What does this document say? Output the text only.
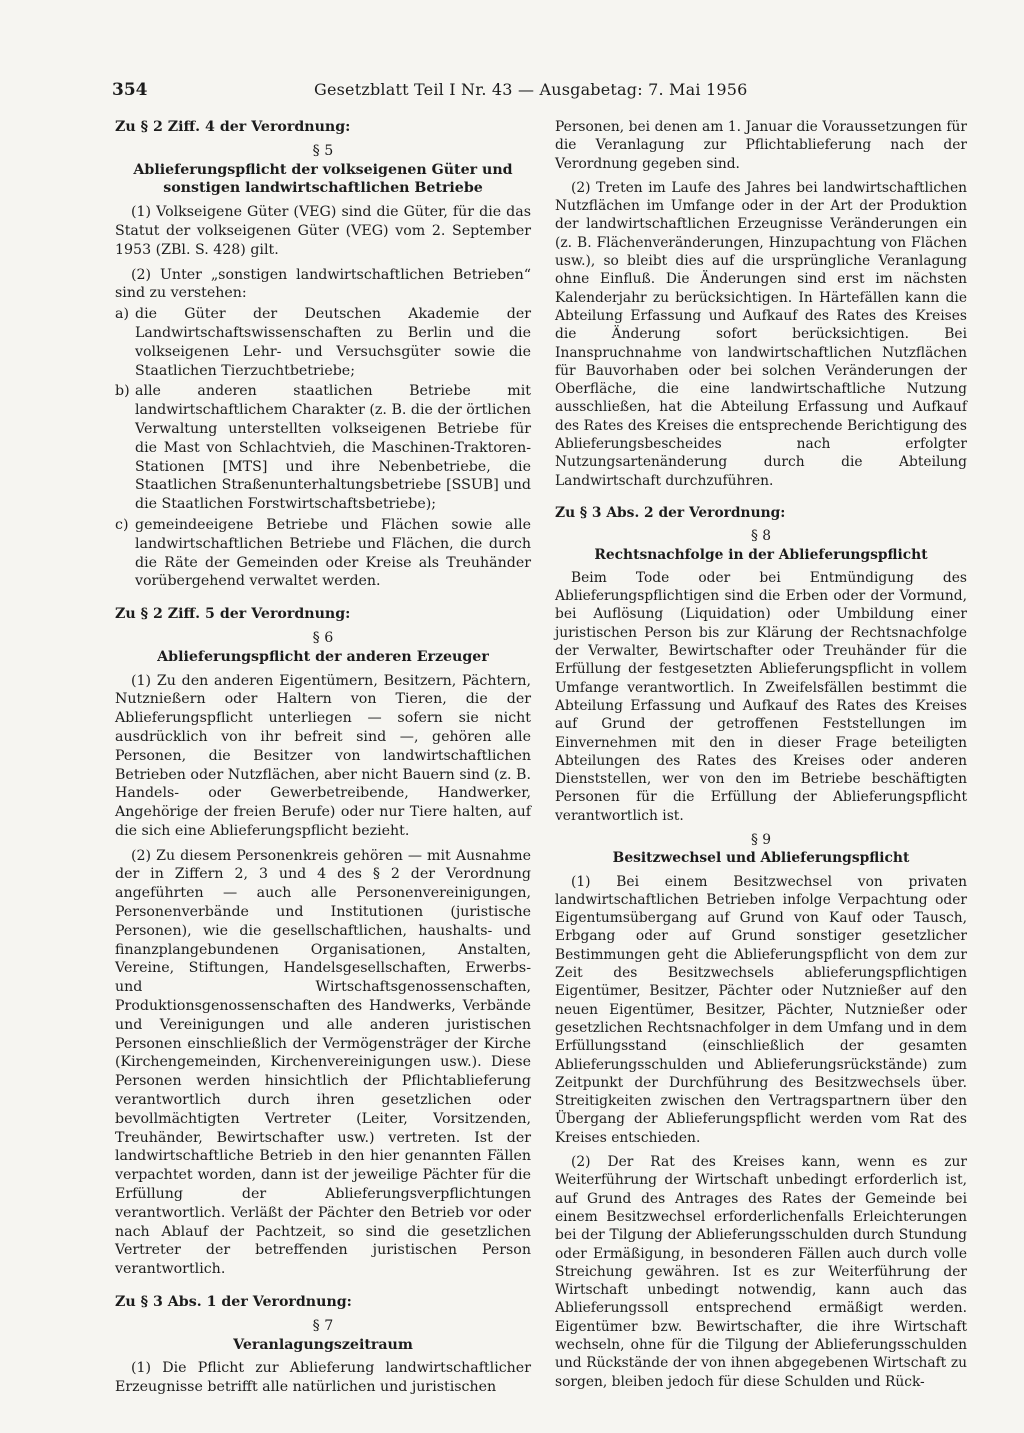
354	Gesetzblatt Teil I Nr. 43 — Ausgabetag: 7. Mai 1956
Zu § 2 Ziff. 4 der Verordnung:
§ 5
Ablieferungspflicht der volkseigenen Güter und sonstigen landwirtschaftlichen Betriebe

(1) Volkseigene Güter (VEG) sind die Güter, für die das Statut der volkseigenen Güter (VEG) vom 2. September 1953 (ZBl. S. 428) gilt.

(2) Unter „sonstigen landwirtschaftlichen Betrieben“ sind zu verstehen:

a) die Güter der Deutschen Akademie der Landwirtschaftswissenschaften zu Berlin und die volkseigenen Lehr- und Versuchsgüter sowie die Staatlichen Tierzuchtbetriebe;
b) alle anderen staatlichen Betriebe mit landwirtschaftlichem Charakter (z. B. die der örtlichen Verwaltung unterstellten volkseigenen Betriebe für die Mast von Schlachtvieh, die Maschinen-Traktoren-Stationen [MTS] und ihre Nebenbetriebe, die Staatlichen Straßenunterhaltungsbetriebe [SSUB] und die Staatlichen Forstwirtschaftsbetriebe);
c) gemeindeeigene Betriebe und Flächen sowie alle landwirtschaftlichen Betriebe und Flächen, die durch die Räte der Gemeinden oder Kreise als Treuhänder vorübergehend verwaltet werden.
Zu § 2 Ziff. 5 der Verordnung:
§ 6
Ablieferungspflicht der anderen Erzeuger

(1) Zu den anderen Eigentümern, Besitzern, Pächtern, Nutznießern oder Haltern von Tieren, die der Ablieferungspflicht unterliegen — sofern sie nicht ausdrücklich von ihr befreit sind —, gehören alle Personen, die Besitzer von landwirtschaftlichen Betrieben oder Nutzflächen, aber nicht Bauern sind (z. B. Handels- oder Gewerbetreibende, Handwerker, Angehörige der freien Berufe) oder nur Tiere halten, auf die sich eine Ablieferungspflicht bezieht.

(2) Zu diesem Personenkreis gehören — mit Ausnahme der in Ziffern 2, 3 und 4 des § 2 der Verordnung angeführten — auch alle Personenvereinigungen, Personenverbände und Institutionen (juristische Personen), wie die gesellschaftlichen, haushalts- und finanzplangebundenen Organisationen, Anstalten, Vereine, Stiftungen, Handelsgesellschaften, Erwerbs- und Wirtschaftsgenossenschaften, Produktionsgenossenschaften des Handwerks, Verbände und Vereinigungen und alle anderen juristischen Personen einschließlich der Vermögensträger der Kirche (Kirchengemeinden, Kirchenvereinigungen usw.). Diese Personen werden hinsichtlich der Pflichtablieferung verantwortlich durch ihren gesetzlichen oder bevollmächtigten Vertreter (Leiter, Vorsitzenden, Treuhänder, Bewirtschafter usw.) vertreten. Ist der landwirtschaftliche Betrieb in den hier genannten Fällen verpachtet worden, dann ist der jeweilige Pächter für die Erfüllung der Ablieferungsverpflichtungen verantwortlich. Verläßt der Pächter den Betrieb vor oder nach Ablauf der Pachtzeit, so sind die gesetzlichen Vertreter der betreffenden juristischen Person verantwortlich.

Zu § 3 Abs. 1 der Verordnung:
§ 7
Veranlagungszeitraum

(1) Die Pflicht zur Ablieferung landwirtschaftlicher Erzeugnisse betrifft alle natürlichen und juristischen

Personen, bei denen am 1. Januar die Voraussetzungen für die Veranlagung zur Pflichtablieferung nach der Verordnung gegeben sind.

(2) Treten im Laufe des Jahres bei landwirtschaftlichen Nutzflächen im Umfange oder in der Art der Produktion der landwirtschaftlichen Erzeugnisse Veränderungen ein (z. B. Flächenveränderungen, Hinzupachtung von Flächen usw.), so bleibt dies auf die ursprüngliche Veranlagung ohne Einfluß. Die Änderungen sind erst im nächsten Kalenderjahr zu berücksichtigen. In Härtefällen kann die Abteilung Erfassung und Aufkauf des Rates des Kreises die Änderung sofort berücksichtigen. Bei Inanspruchnahme von landwirtschaftlichen Nutzflächen für Bauvorhaben oder bei solchen Veränderungen der Oberfläche, die eine landwirtschaftliche Nutzung ausschließen, hat die Abteilung Erfassung und Aufkauf des Rates des Kreises die entsprechende Berichtigung des Ablieferungsbescheides nach erfolgter Nutzungsartenänderung durch die Abteilung Landwirtschaft durchzuführen.

Zu § 3 Abs. 2 der Verordnung:
§ 8
Rechtsnachfolge in der Ablieferungspflicht

Beim Tode oder bei Entmündigung des Ablieferungspflichtigen sind die Erben oder der Vormund, bei Auflösung (Liquidation) oder Umbildung einer juristischen Person bis zur Klärung der Rechtsnachfolge der Verwalter, Bewirtschafter oder Treuhänder für die Erfüllung der festgesetzten Ablieferungspflicht in vollem Umfange verantwortlich. In Zweifelsfällen bestimmt die Abteilung Erfassung und Aufkauf des Rates des Kreises auf Grund der getroffenen Feststellungen im Einvernehmen mit den in dieser Frage beteiligten Abteilungen des Rates des Kreises oder anderen Dienststellen, wer von den im Betriebe beschäftigten Personen für die Erfüllung der Ablieferungspflicht verantwortlich ist.

§ 9
Besitzwechsel und Ablieferungspflicht

(1) Bei einem Besitzwechsel von privaten landwirtschaftlichen Betrieben infolge Verpachtung oder Eigentumsübergang auf Grund von Kauf oder Tausch, Erbgang oder auf Grund sonstiger gesetzlicher Bestimmungen geht die Ablieferungspflicht von dem zur Zeit des Besitzwechsels ablieferungspflichtigen Eigentümer, Besitzer, Pächter oder Nutznießer auf den neuen Eigentümer, Besitzer, Pächter, Nutznießer oder gesetzlichen Rechtsnachfolger in dem Umfang und in dem Erfüllungsstand (einschließlich der gesamten Ablieferungsschulden und Ablieferungsrückstände) zum Zeitpunkt der Durchführung des Besitzwechsels über. Streitigkeiten zwischen den Vertragspartnern über den Übergang der Ablieferungspflicht werden vom Rat des Kreises entschieden.

(2) Der Rat des Kreises kann, wenn es zur Weiterführung der Wirtschaft unbedingt erforderlich ist, auf Grund des Antrages des Rates der Gemeinde bei einem Besitzwechsel erforderlichenfalls Erleichterungen bei der Tilgung der Ablieferungsschulden durch Stundung oder Ermäßigung, in besonderen Fällen auch durch volle Streichung gewähren. Ist es zur Weiterführung der Wirtschaft unbedingt notwendig, kann auch das Ablieferungssoll entsprechend ermäßigt werden. Eigentümer bzw. Bewirtschafter, die ihre Wirtschaft wechseln, ohne für die Tilgung der Ablieferungsschulden und Rückstände der von ihnen abgegebenen Wirtschaft zu sorgen, bleiben jedoch für diese Schulden und Rück-
